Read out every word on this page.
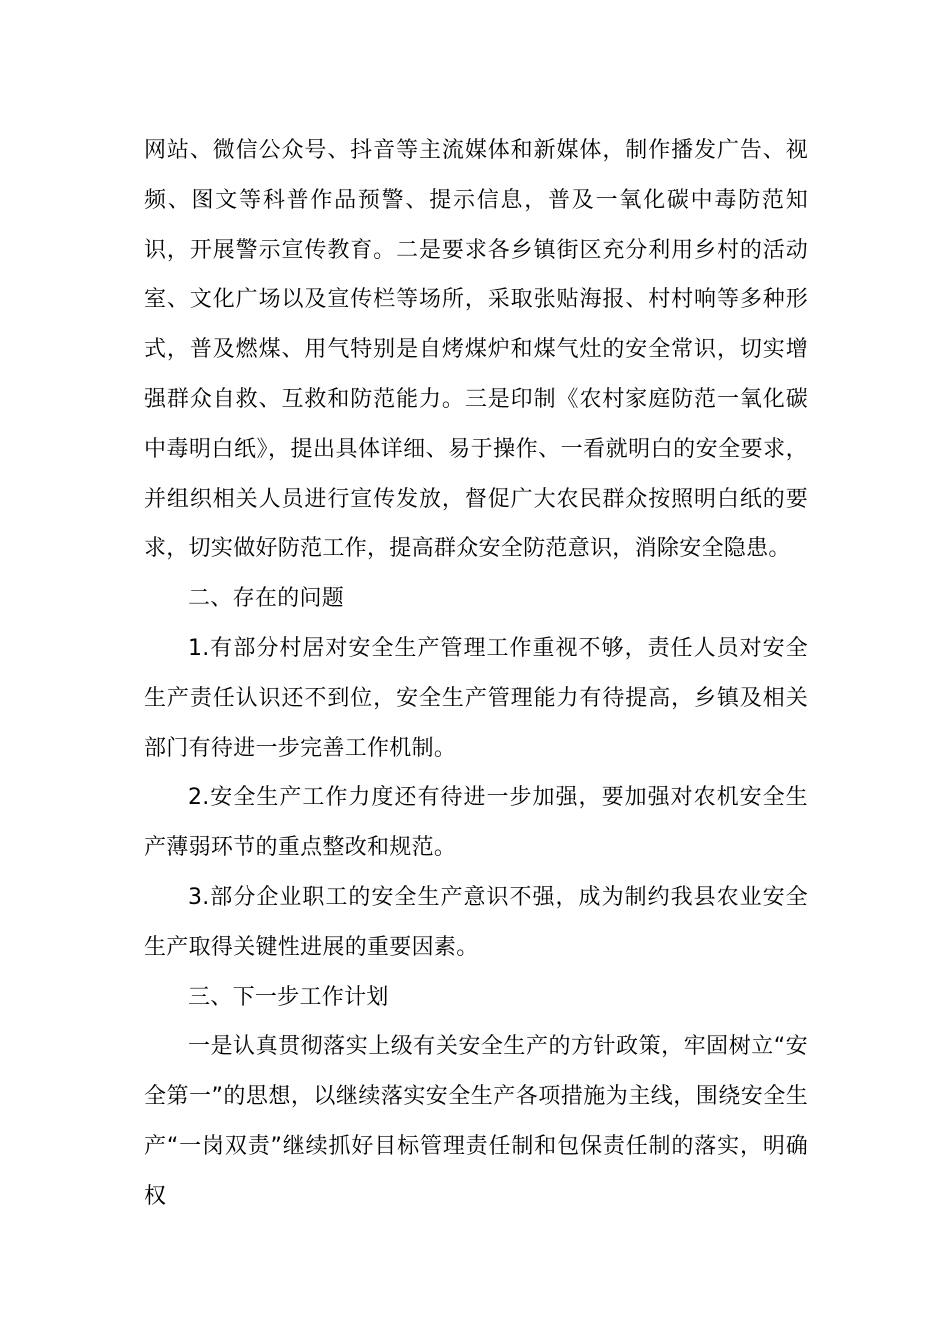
网站、微信公众号、抖音等主流媒体和新媒体，制作播发广告、视频、图文等科普作品预警、提示信息，普及一氧化碳中毒防范知识，开展警示宣传教育。二是要求各乡镇街区充分利用乡村的活动室、文化广场以及宣传栏等场所，采取张贴海报、村村响等多种形式，普及燃煤、用气特别是自烤煤炉和煤气灶的安全常识，切实增强群众自救、互救和防范能力。三是印制《农村家庭防范一氧化碳中毒明白纸》，提出具体详细、易于操作、一看就明白的安全要求，并组织相关人员进行宣传发放，督促广大农民群众按照明白纸的要求，切实做好防范工作，提高群众安全防范意识，消除安全隐患。

二、存在的问题

1.有部分村居对安全生产管理工作重视不够，责任人员对安全生产责任认识还不到位，安全生产管理能力有待提高，乡镇及相关部门有待进一步完善工作机制。

2.安全生产工作力度还有待进一步加强，要加强对农机安全生产薄弱环节的重点整改和规范。

3.部分企业职工的安全生产意识不强，成为制约我县农业安全生产取得关键性进展的重要因素。

三、下一步工作计划

一是认真贯彻落实上级有关安全生产的方针政策，牢固树立“安全第一”的思想，以继续落实安全生产各项措施为主线，围绕安全生产“一岗双责”继续抓好目标管理责任制和包保责任制的落实，明确权
